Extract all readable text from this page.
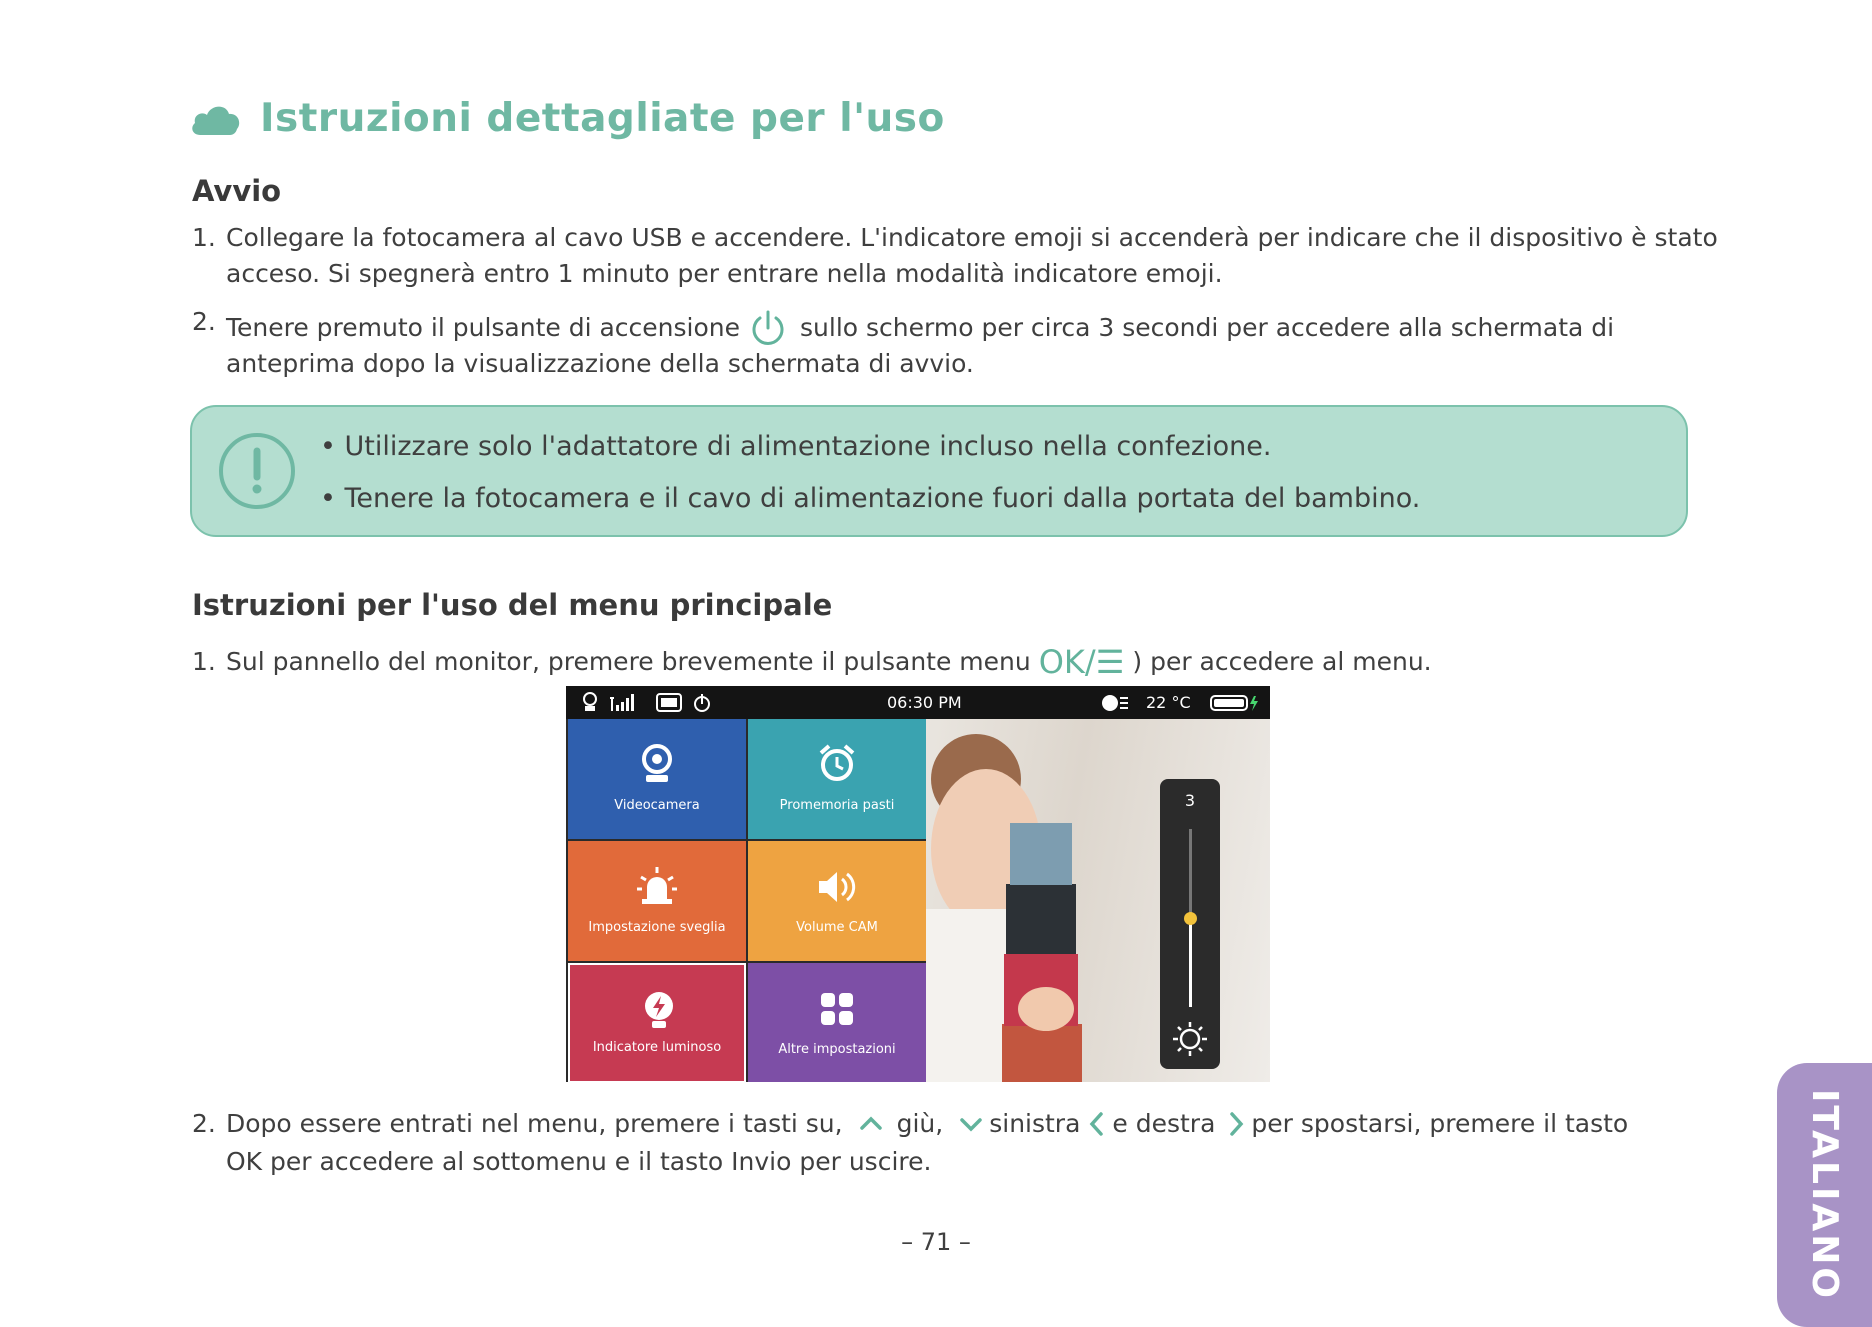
Istruzioni dettagliate per l'uso
Avvio
1. Collegare la fotocamera al cavo USB e accendere. L'indicatore emoji si accenderà per indicare che il dispositivo è stato
acceso. Si spegnerà entro 1 minuto per entrare nella modalità indicatore emoji.
2. Tenere premuto il pulsante di accensione sullo schermo per circa 3 secondi per accedere alla schermata di
anteprima dopo la visualizzazione della schermata di avvio.
• Utilizzare solo l'adattatore di alimentazione incluso nella confezione.
• Tenere la fotocamera e il cavo di alimentazione fuori dalla portata del bambino.
Istruzioni per l'uso del menu principale
1. Sul pannello del monitor, premere brevemente il pulsante menu OK/☰ ) per accedere al menu.
06:30 PM	22 °C
Videocamera	Promemoria pasti
Impostazione sveglia	Volume CAM
Indicatore luminoso	Altre impostazioni
3
2. Dopo essere entrati nel menu, premere i tasti su, giù, sinistra e destra per spostarsi, premere il tasto
OK per accedere al sottomenu e il tasto Invio per uscire.
– 71 –	ITALIANO
